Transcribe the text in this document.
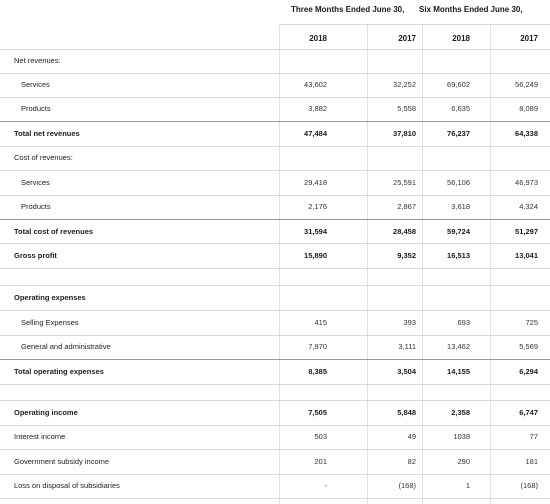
Three Months Ended June 30, Six Months Ended June 30,
2018	2017	2018	2017
Net revenues:
Services	43,602	32,252	69,602	56,249
Products	3,882	5,558	6,635	8,089
Total net revenues	47,484	37,810	76,237	64,338
Cost of revenues:
Services	29,418	25,591	56,106	46,973
Products	2,176	2,867	3,618	4,324
Total cost of revenues	31,594	28,458	59,724	51,297
Gross profit	15,890	9,352	16,513	13,041
Operating expenses
Selling Expenses	415	393	693	725
General and administrative	7,970	3,111	13,462	5,569
Total operating expenses	8,385	3,504	14,155	6,294
Operating income	7,505	5,848	2,358	6,747
Interest income	503	49	1038	77
Government subsidy income	201	82	290	181
Loss on disposal of subsidiaries	-	(168)	1	(168)
